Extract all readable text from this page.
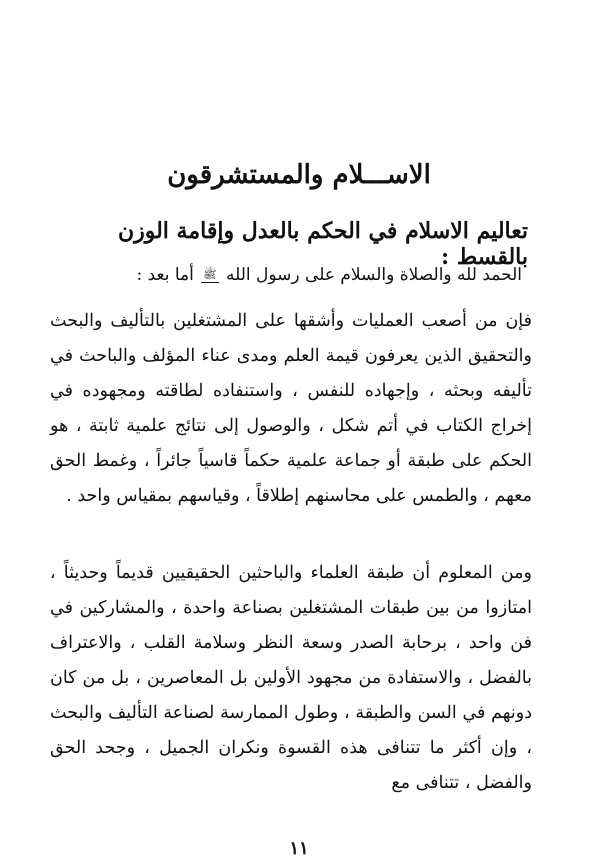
الاســـلام والمستشرقون
تعاليم الاسلام في الحكم بالعدل وإقامة الوزن بالقسط :

الحمد لله والصلاة والسلام على رسول الله ﷺ أما بعد :

فإن من أصعب العمليات وأشقها على المشتغلين بالتأليف والبحث والتحقيق الذين يعرفون قيمة العلم ومدى عناء المؤلف والباحث في تأليفه وبحثه ، وإجهاده للنفس ، واستنفاده لطاقته ومجهوده في إخراج الكتاب في أتم شكل ، والوصول إلى نتائج علمية ثابتة ، هو الحكم على طبقة أو جماعة علمية حكماً قاسياً جائراً ، وغمط الحق معهم ، والطمس على محاسنهم إطلاقاً ، وقياسهم بمقياس واحد .

ومن المعلوم أن طبقة العلماء والباحثين الحقيقيين قديماً وحديثاً ، امتازوا من بين طبقات المشتغلين بصناعة واحدة ، والمشاركين في فن واحد ، برحابة الصدر وسعة النظر وسلامة القلب ، والاعتراف بالفضل ، والاستفادة من مجهود الأولين بل المعاصرين ، بل من كان دونهم في السن والطبقة ، وطول الممارسة لصناعة التأليف والبحث ، وإن أكثر ما تتنافى هذه القسوة ونكران الجميل ، وجحد الحق والفضل ، تتنافى مع

١١
